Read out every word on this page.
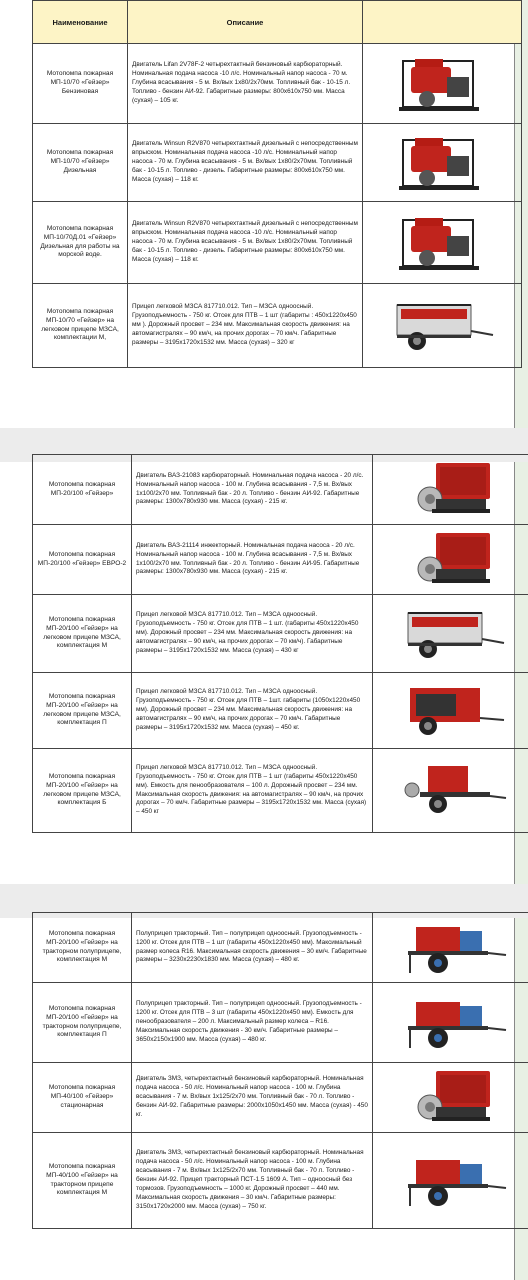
Наименование	Описание	
Мотопомпа пожарная МП-10/70 «Гейзер» Бензиновая	Двигатель Lifan 2V78F-2 четырехтактный бензиновый карбюраторный. Номинальная подача насоса -10 л/с. Номинальный напор насоса - 70 м. Глубина всасывания - 5 м. Вх/вых 1х80/2х70мм. Топливный бак - 10-15 л. Топливо - бензин АИ-92. Габаритные размеры: 800х610х750 мм. Масса (сухая) – 105 кг.	

Мотопомпа пожарная МП-10/70 «Гейзер» Дизельная	Двигатель Winsun R2V870 четырехтактный дизельный с непосредственным впрыском. Номинальная подача насоса -10 л/с. Номинальный напор насоса - 70 м. Глубина всасывания - 5 м. Вх/вых 1х80/2х70мм. Топливный бак - 10-15 л. Топливо - дизель. Габаритные размеры: 800х610х750 мм. Масса (сухая) – 118 кг.	

Мотопомпа пожарная МП-10/70Д.01 «Гейзер» Дизельная для работы на морской воде.	Двигатель Winsun R2V870 четырехтактный дизельный с непосредственным впрыском. Номинальная подача насоса -10 л/с. Номинальный напор насоса - 70 м. Глубина всасывания - 5 м. Вх/вых 1х80/2х70мм. Топливный бак - 10-15 л. Топливо - дизель. Габаритные размеры: 800х610х750 мм. Масса (сухая) – 118 кг.	

Мотопомпа пожарная МП-10/70 «Гейзер» на легковом прицепе МЗСА, комплектации М,	Прицеп легковой МЗСА 817710.012. Тип – МЗСА одноосный. Грузоподъемность - 750 кг. Отсек для ПТВ – 1 шт (габариты : 450х1220х450 мм ). Дорожный просвет – 234 мм. Максимальная скорость движения: на автомагистралях – 90 км/ч, на прочих дорогах – 70 км/ч. Габаритные размеры – 3195х1720х1532 мм. Масса (сухая) – 320 кг	
Мотопомпа пожарная МП-20/100 «Гейзер»	Двигатель ВАЗ-21083 карбюраторный. Номинальная подача насоса - 20 л/с. Номинальный напор насоса - 100 м. Глубина всасывания - 7,5 м. Вх/вых 1х100/2х70 мм. Топливный бак - 20 л. Топливо - бензин АИ-92. Габаритные размеры: 1300х780х930 мм. Масса (сухая) - 215 кг.	

Мотопомпа пожарная МП-20/100 «Гейзер» ЕВРО-2	Двигатель ВАЗ-21114 инжекторный. Номинальная подача насоса - 20 л/с. Номинальный напор насоса - 100 м. Глубина всасывания - 7,5 м. Вх/вых 1х100/2х70 мм. Топливный бак - 20 л. Топливо - бензин АИ-95. Габаритные размеры: 1300х780х930 мм. Масса (сухая) - 215 кг.	

Мотопомпа пожарная МП-20/100 «Гейзер» на легковом прицепе МЗСА, комплектация М	Прицеп легковой МЗСА 817710.012. Тип – МЗСА одноосный. Грузоподъемность - 750 кг. Отсек для ПТВ – 1 шт. (габариты 450х1220х450 мм). Дорожный просвет – 234 мм. Максимальная скорость движения: на автомагистралях – 90 км/ч, на прочих дорогах – 70 км/ч). Габаритные размеры – 3195х1720х1532 мм. Масса (сухая) – 430 кг	

Мотопомпа пожарная МП-20/100 «Гейзер» на легковом прицепе МЗСА, комплектация П	Прицеп легковой МЗСА 817710.012. Тип – МЗСА одноосный. Грузоподъемность - 750 кг. Отсек для ПТВ – 1шт. габариты (1050х1220х450 мм). Дорожный просвет – 234 мм. Максимальная скорость движения: на автомагистралях – 90 км/ч, на прочих дорогах – 70 км/ч. Габаритные размеры – 3195х1720х1532 мм. Масса (сухая) – 450 кг.	

Мотопомпа пожарная МП-20/100 «Гейзер» на легковом прицепе МЗСА, комплектация Б	Прицеп легковой МЗСА 817710.012. Тип – МЗСА одноосный. Грузоподъемность - 750 кг. Отсек для ПТВ – 1 шт (габариты 450х1220х450 мм). Емкость для пенообразователя – 100 л. Дорожный просвет – 234 мм. Максимальная скорость движения: на автомагистралях – 90 км/ч, на прочих дорогах – 70 км/ч. Габаритные размеры – 3195х1720х1532 мм. Масса (сухая) – 450 кг	
Мотопомпа пожарная МП-20/100 «Гейзер» на тракторном полуприцепе, комплектация М	Полуприцеп тракторный. Тип – полуприцеп одноосный. Грузоподъемность - 1200 кг. Отсек для ПТВ – 1 шт (габариты 450х1220х450 мм). Максимальный размер колеса R16. Максимальная скорость движения – 30 км/ч. Габаритные размеры – 3230х2230х1830 мм. Масса (сухая) – 480 кг.	

Мотопомпа пожарная МП-20/100 «Гейзер» на тракторном полуприцепе, комплектация П	Полуприцеп тракторный. Тип – полуприцеп одноосный. Грузоподъемность - 1200 кг. Отсек для ПТВ – 3 шт (габариты 450х1220х450 мм). Емкость для пенообразователя – 200 л. Максимальный размер колеса – R16. Максимальная скорость движения - 30 км/ч. Габаритные размеры – 3650х2150х1900 мм. Масса (сухая) – 480 кг.	

Мотопомпа пожарная МП-40/100 «Гейзер» стационарная	Двигатель ЗМЗ, четырехтактный бензиновый карбюраторный. Номинальная подача насоса - 50 л/с. Номинальный напор насоса - 100 м. Глубина всасывания - 7 м. Вх/вых 1х125/2х70 мм. Топливный бак - 70 л. Топливо - бензин АИ-92. Габаритные размеры: 2000х1050х1450 мм. Масса (сухая) - 450 кг.	

Мотопомпа пожарная МП-40/100 «Гейзер» на тракторном прицепе комплектация М	Двигатель ЗМЗ, четырехтактный бензиновый карбюраторный. Номинальная подача насоса - 50 л/с. Номинальный напор насоса - 100 м. Глубина всасывания - 7 м. Вх/вых 1х125/2х70 мм. Топливный бак - 70 л. Топливо - бензин АИ-92. Прицеп тракторный ПСТ-1.5 1609 А. Тип – одноосный без тормозов. Грузоподъемность – 1000 кг. Дорожный просвет – 440 мм. Максимальная скорость движения – 30 км/ч. Габаритные размеры: 3150х1720х2000 мм. Масса (сухая) – 750 кг.	
